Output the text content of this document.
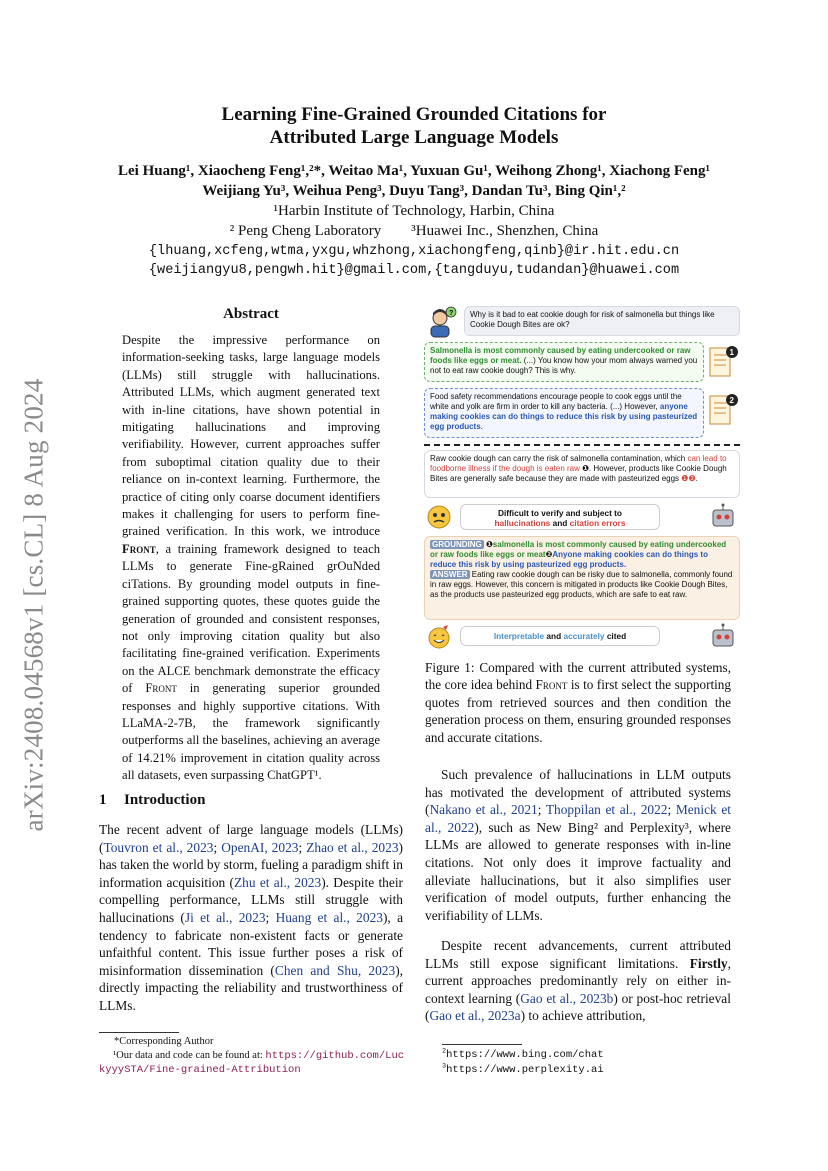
arXiv:2408.04568v1 [cs.CL] 8 Aug 2024
Learning Fine-Grained Grounded Citations for
Attributed Large Language Models
Lei Huang¹, Xiaocheng Feng¹,²*, Weitao Ma¹, Yuxuan Gu¹, Weihong Zhong¹, Xiachong Feng¹
Weijiang Yu³, Weihua Peng³, Duyu Tang³, Dandan Tu³, Bing Qin¹,²
¹Harbin Institute of Technology, Harbin, China
² Peng Cheng Laboratory        ³Huawei Inc., Shenzhen, China
{lhuang,xcfeng,wtma,yxgu,whzhong,xiachongfeng,qinb}@ir.hit.edu.cn
{weijiangyu8,pengwh.hit}@gmail.com,{tangduyu,tudandan}@huawei.com
Abstract

Despite the impressive performance on information-seeking tasks, large language models (LLMs) still struggle with hallucinations. Attributed LLMs, which augment generated text with in-line citations, have shown potential in mitigating hallucinations and improving verifiability. However, current approaches suffer from suboptimal citation quality due to their reliance on in-context learning. Furthermore, the practice of citing only coarse document identifiers makes it challenging for users to perform fine-grained verification. In this work, we introduce Front, a training framework designed to teach LLMs to generate Fine-gRained grOuNded ciTations. By grounding model outputs in fine-grained supporting quotes, these quotes guide the generation of grounded and consistent responses, not only improving citation quality but also facilitating fine-grained verification. Experiments on the ALCE benchmark demonstrate the efficacy of Front in generating superior grounded responses and highly supportive citations. With LLaMA-2-7B, the framework significantly outperforms all the baselines, achieving an average of 14.21% improvement in citation quality across all datasets, even surpassing ChatGPT¹.

1 Introduction

The recent advent of large language models (LLMs) (Touvron et al., 2023; OpenAI, 2023; Zhao et al., 2023) has taken the world by storm, fueling a paradigm shift in information acquisition (Zhu et al., 2023). Despite their compelling performance, LLMs still struggle with hallucinations (Ji et al., 2023; Huang et al., 2023), a tendency to fabricate non-existent facts or generate unfaithful content. This issue further poses a risk of misinformation dissemination (Chen and Shu, 2023), directly impacting the reliability and trustworthiness of LLMs.

*Corresponding Author
¹Our data and code can be found at: https://github.com/LuckyyySTA/Fine-grained-Attribution
?	Why is it bad to eat cookie dough for risk of salmonella but things like Cookie Dough Bites are ok?
Salmonella is most commonly caused by eating undercooked or raw foods like eggs or meat. (...) You know how your mom always warned you not to eat raw cookie dough? This is why.
1
Food safety recommendations encourage people to cook eggs until the white and yolk are firm in order to kill any bacteria. (...) However, anyone making cookies can do things to reduce this risk by using pasteurized egg products.
2
Raw cookie dough can carry the risk of salmonella contamination, which can lead to foodborne illness if the dough is eaten raw ❶. However, products like Cookie Dough Bites are generally safe because they are made with pasteurized eggs ❶❷.
Difficult to verify and subject to
hallucinations and citation errors
GROUNDING ❶salmonella is most commonly caused by eating undercooked or raw foods like eggs or meat❷Anyone making cookies can do things to reduce this risk by using pasteurized egg products.
ANSWER Eating raw cookie dough can be risky due to salmonella, commonly found in raw eggs. However, this concern is mitigated in products like Cookie Dough Bites, as the products use pasteurized egg products, which are safe to eat raw.
Interpretable and accurately cited
Figure 1: Compared with the current attributed systems, the core idea behind Front is to first select the supporting quotes from retrieved sources and then condition the generation process on them, ensuring grounded responses and accurate citations.

Such prevalence of hallucinations in LLM outputs has motivated the development of attributed systems (Nakano et al., 2021; Thoppilan et al., 2022; Menick et al., 2022), such as New Bing² and Perplexity³, where LLMs are allowed to generate responses with in-line citations. Not only does it improve factuality and alleviate hallucinations, but it also simplifies user verification of model outputs, further enhancing the verifiability of LLMs.

Despite recent advancements, current attributed LLMs still expose significant limitations. Firstly, current approaches predominantly rely on either in-context learning (Gao et al., 2023b) or post-hoc retrieval (Gao et al., 2023a) to achieve attribution,

$^2$https://www.bing.com/chat
$^3$https://www.perplexity.ai
